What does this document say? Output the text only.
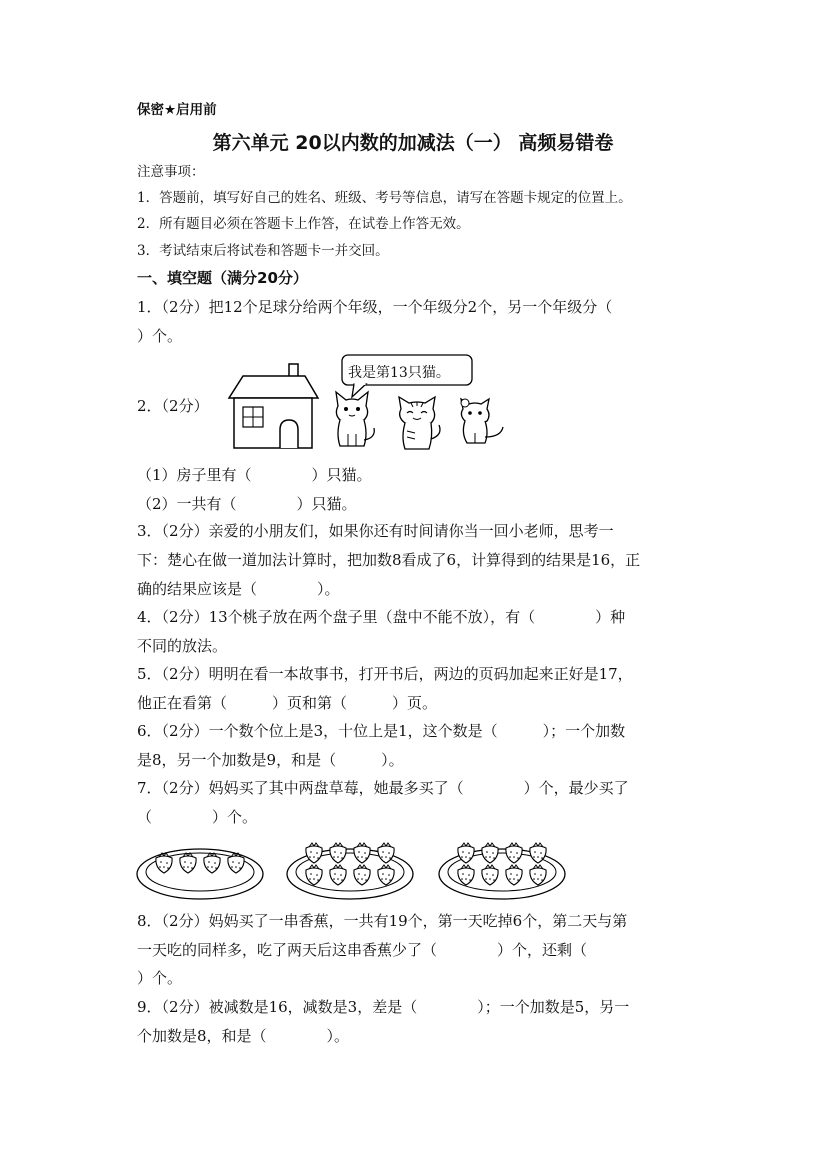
保密★启用前
第六单元 20以内数的加减法（一） 高频易错卷
注意事项：
1．答题前，填写好自己的姓名、班级、考号等信息，请写在答题卡规定的位置上。
2．所有题目必须在答题卡上作答，在试卷上作答无效。
3．考试结束后将试卷和答题卡一并交回。
一、填空题（满分20分）
1．（2分）把12个足球分给两个年级，一个年级分2个，另一个年级分（
）个。
2．（2分）
我是第13只猫。
（1）房子里有（　　　　）只猫。
（2）一共有（　　　　）只猫。
3．（2分）亲爱的小朋友们，如果你还有时间请你当一回小老师，思考一
下：楚心在做一道加法计算时，把加数8看成了6，计算得到的结果是16，正
确的结果应该是（　　　　）。
4．（2分）13个桃子放在两个盘子里（盘中不能不放），有（　　　　）种
不同的放法。
5．（2分）明明在看一本故事书，打开书后，两边的页码加起来正好是17，
他正在看第（　　　）页和第（　　　）页。
6．（2分）一个数个位上是3，十位上是1，这个数是（　　　）；一个加数
是8，另一个加数是9，和是（　　　）。
7．（2分）妈妈买了其中两盘草莓，她最多买了（　　　　）个，最少买了
（　　　　）个。
8．（2分）妈妈买了一串香蕉，一共有19个，第一天吃掉6个，第二天与第
一天吃的同样多，吃了两天后这串香蕉少了（　　　　）个，还剩（
）个。
9．（2分）被减数是16，减数是3，差是（　　　　）；一个加数是5，另一
个加数是8，和是（　　　　）。
